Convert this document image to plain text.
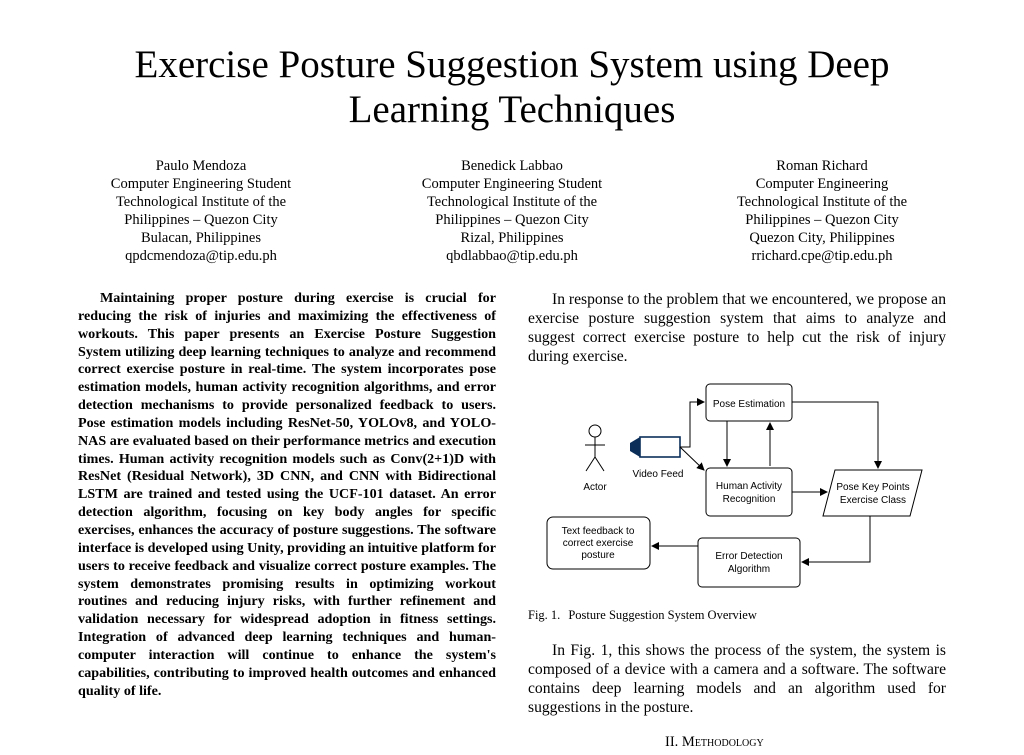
Exercise Posture Suggestion System using Deep Learning Techniques
Paulo Mendoza
Computer Engineering Student
Technological Institute of the
Philippines – Quezon City
Bulacan, Philippines
qpdcmendoza@tip.edu.ph
Benedick Labbao
Computer Engineering Student
Technological Institute of the
Philippines – Quezon City
Rizal, Philippines
qbdlabbao@tip.edu.ph
Roman Richard
Computer Engineering
Technological Institute of the
Philippines – Quezon City
Quezon City, Philippines
rrichard.cpe@tip.edu.ph
Maintaining proper posture during exercise is crucial for reducing the risk of injuries and maximizing the effectiveness of workouts. This paper presents an Exercise Posture Suggestion System utilizing deep learning techniques to analyze and recommend correct exercise posture in real-time. The system incorporates pose estimation models, human activity recognition algorithms, and error detection mechanisms to provide personalized feedback to users. Pose estimation models including ResNet-50, YOLOv8, and YOLO-NAS are evaluated based on their performance metrics and execution times. Human activity recognition models such as Conv(2+1)D with ResNet (Residual Network), 3D CNN, and CNN with Bidirectional LSTM are trained and tested using the UCF-101 dataset. An error detection algorithm, focusing on key body angles for specific exercises, enhances the accuracy of posture suggestions. The software interface is developed using Unity, providing an intuitive platform for users to receive feedback and visualize correct posture examples. The system demonstrates promising results in optimizing workout routines and reducing injury risks, with further refinement and validation necessary for widespread adoption in fitness settings. Integration of advanced deep learning techniques and human-computer interaction will continue to enhance the system's capabilities, contributing to improved health outcomes and enhanced quality of life.
In response to the problem that we encountered, we propose an exercise posture suggestion system that aims to analyze and suggest correct exercise posture to help cut the risk of injury during exercise.
Actor
Video Feed
Pose Estimation
Human Activity
Recognition
Pose Key Points
Exercise Class
Error Detection
Algorithm
Text feedback to
correct exercise
posture
Fig. 1. Posture Suggestion System Overview
In Fig. 1, this shows the process of the system, the system is composed of a device with a camera and a software. The software contains deep learning models and an algorithm used for suggestions in the posture.
II. Methodology
